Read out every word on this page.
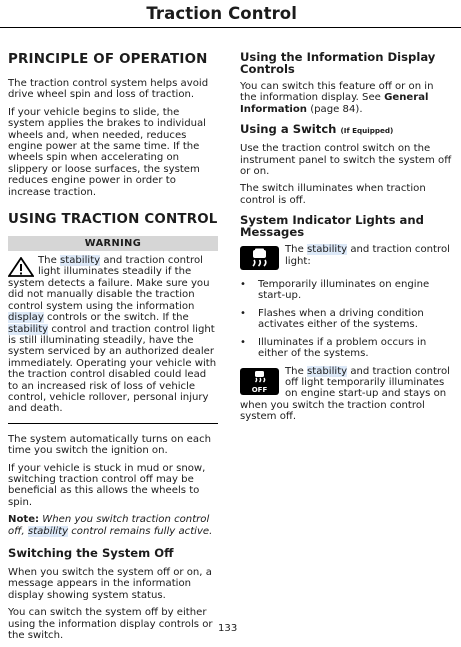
Traction Control
PRINCIPLE OF OPERATION

The traction control system helps avoid drive wheel spin and loss of traction.

If your vehicle begins to slide, the system applies the brakes to individual wheels and, when needed, reduces engine power at the same time. If the wheels spin when accelerating on slippery or loose surfaces, the system reduces engine power in order to increase traction.

USING TRACTION CONTROL
WARNING
The stability and traction control light illuminates steadily if the system detects a failure. Make sure you did not manually disable the traction control system using the information display controls or the switch. If the stability control and traction control light is still illuminating steadily, have the system serviced by an authorized dealer immediately. Operating your vehicle with the traction control disabled could lead to an increased risk of loss of vehicle control, vehicle rollover, personal injury and death.

The system automatically turns on each time you switch the ignition on.

If your vehicle is stuck in mud or snow, switching traction control off may be beneficial as this allows the wheels to spin.

Note: When you switch traction control off, stability control remains fully active.

Switching the System Off

When you switch the system off or on, a message appears in the information display showing system status.

You can switch the system off by either using the information display controls or the switch.

Using the Information Display Controls

You can switch this feature off or on in the information display. See General Information (page 84).

Using a Switch (If Equipped)

Use the traction control switch on the instrument panel to switch the system off or on.

The switch illuminates when traction control is off.

System Indicator Lights and Messages

The stability and traction control light:

• Temporarily illuminates on engine start-up.
• Flashes when a driving condition activates either of the systems.
• Illuminates if a problem occurs in either of the systems.
OFF

The stability and traction control off light temporarily illuminates on engine start-up and stays on when you switch the traction control system off.

133
